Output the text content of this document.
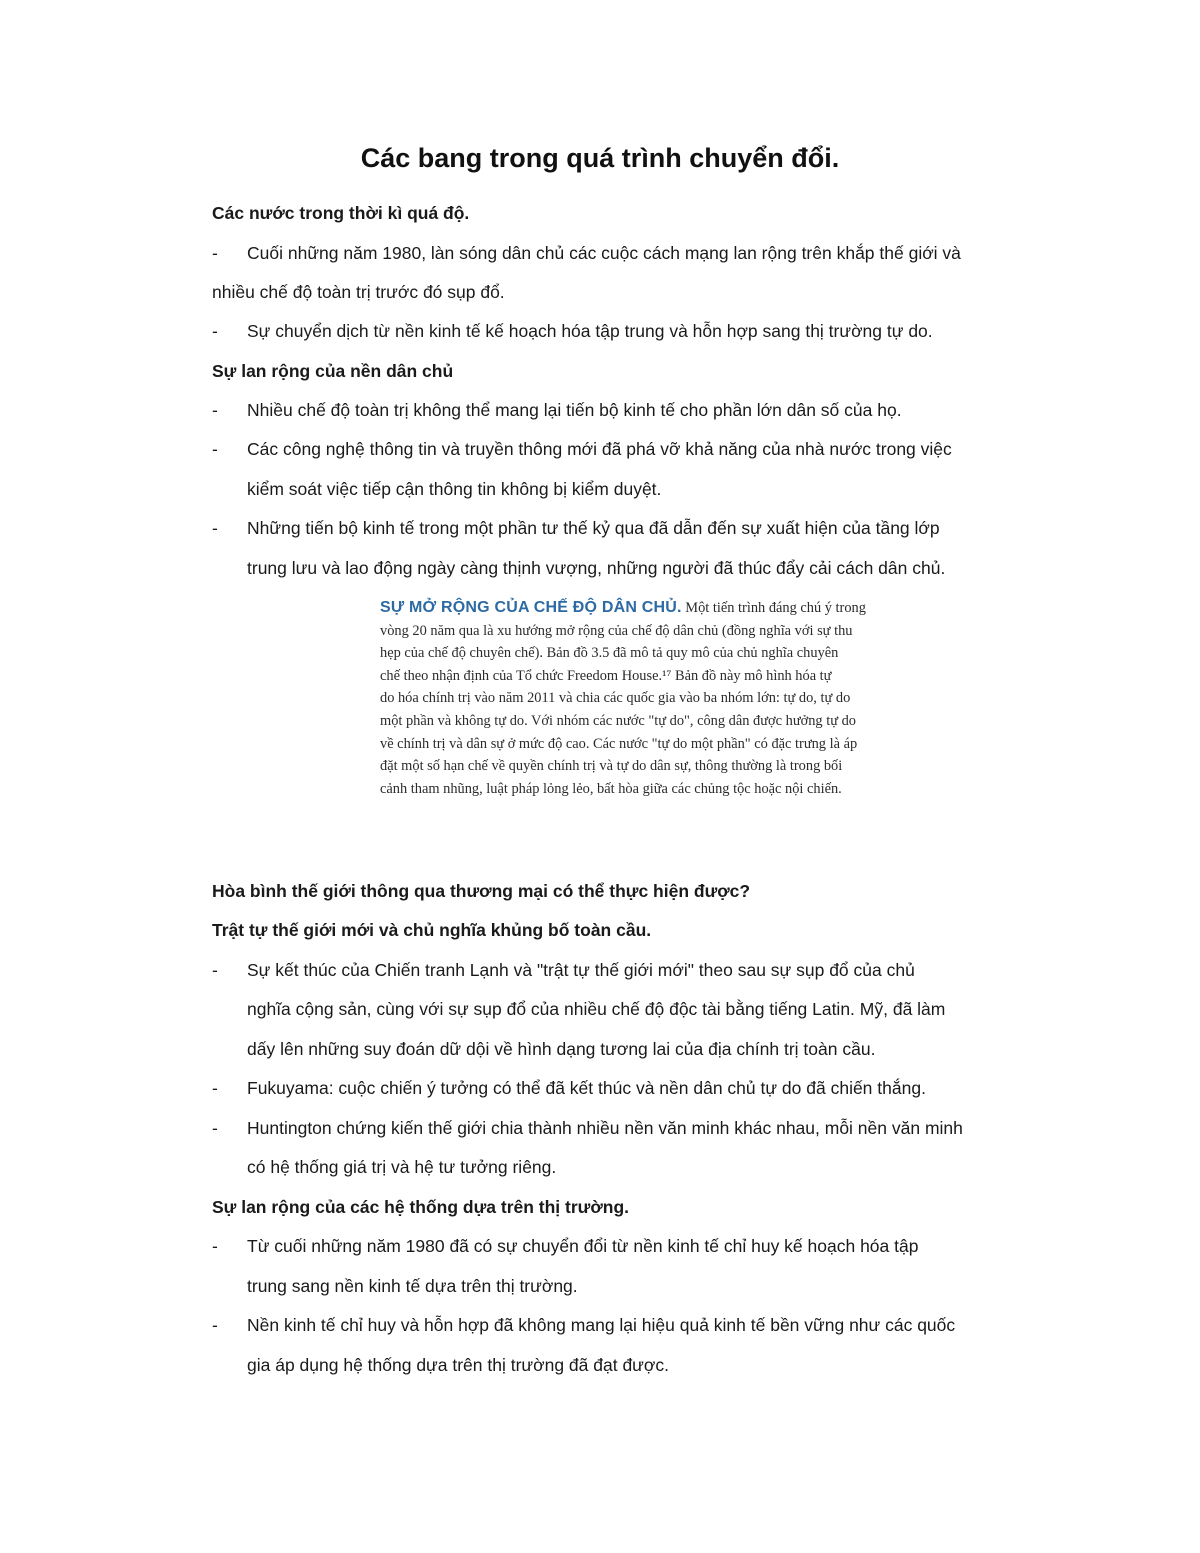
Các bang trong quá trình chuyển đổi.
Các nước trong thời kì quá độ.
- Cuối những năm 1980, làn sóng dân chủ các cuộc cách mạng lan rộng trên khắp thế giới và
nhiều chế độ toàn trị trước đó sụp đổ.
- Sự chuyển dịch từ nền kinh tế kế hoạch hóa tập trung và hỗn hợp sang thị trường tự do.
Sự lan rộng của nền dân chủ
- Nhiều chế độ toàn trị không thể mang lại tiến bộ kinh tế cho phần lớn dân số của họ.
- Các công nghệ thông tin và truyền thông mới đã phá vỡ khả năng của nhà nước trong việc
kiểm soát việc tiếp cận thông tin không bị kiểm duyệt.
- Những tiến bộ kinh tế trong một phần tư thế kỷ qua đã dẫn đến sự xuất hiện của tầng lớp
trung lưu và lao động ngày càng thịnh vượng, những người đã thúc đẩy cải cách dân chủ.
SỰ MỞ RỘNG CỦA CHẾ ĐỘ DÂN CHỦ. Một tiến trình đáng chú ý trong
vòng 20 năm qua là xu hướng mở rộng của chế độ dân chủ (đồng nghĩa với sự thu
hẹp của chế độ chuyên chế). Bản đồ 3.5 đã mô tả quy mô của chủ nghĩa chuyên
chế theo nhận định của Tổ chức Freedom House.¹⁷ Bản đồ này mô hình hóa tự
do hóa chính trị vào năm 2011 và chia các quốc gia vào ba nhóm lớn: tự do, tự do
một phần và không tự do. Với nhóm các nước "tự do", công dân được hưởng tự do
về chính trị và dân sự ở mức độ cao. Các nước "tự do một phần" có đặc trưng là áp
đặt một số hạn chế về quyền chính trị và tự do dân sự, thông thường là trong bối
cảnh tham nhũng, luật pháp lỏng lẻo, bất hòa giữa các chủng tộc hoặc nội chiến.
Hòa bình thế giới thông qua thương mại có thể thực hiện được?
Trật tự thế giới mới và chủ nghĩa khủng bố toàn cầu.
- Sự kết thúc của Chiến tranh Lạnh và "trật tự thế giới mới" theo sau sự sụp đổ của chủ
nghĩa cộng sản, cùng với sự sụp đổ của nhiều chế độ độc tài bằng tiếng Latin. Mỹ, đã làm
dấy lên những suy đoán dữ dội về hình dạng tương lai của địa chính trị toàn cầu.
- Fukuyama: cuộc chiến ý tưởng có thể đã kết thúc và nền dân chủ tự do đã chiến thắng.
- Huntington chứng kiến thế giới chia thành nhiều nền văn minh khác nhau, mỗi nền văn minh
có hệ thống giá trị và hệ tư tưởng riêng.
Sự lan rộng của các hệ thống dựa trên thị trường.
- Từ cuối những năm 1980 đã có sự chuyển đổi từ nền kinh tế chỉ huy kế hoạch hóa tập
trung sang nền kinh tế dựa trên thị trường.
- Nền kinh tế chỉ huy và hỗn hợp đã không mang lại hiệu quả kinh tế bền vững như các quốc
gia áp dụng hệ thống dựa trên thị trường đã đạt được.
